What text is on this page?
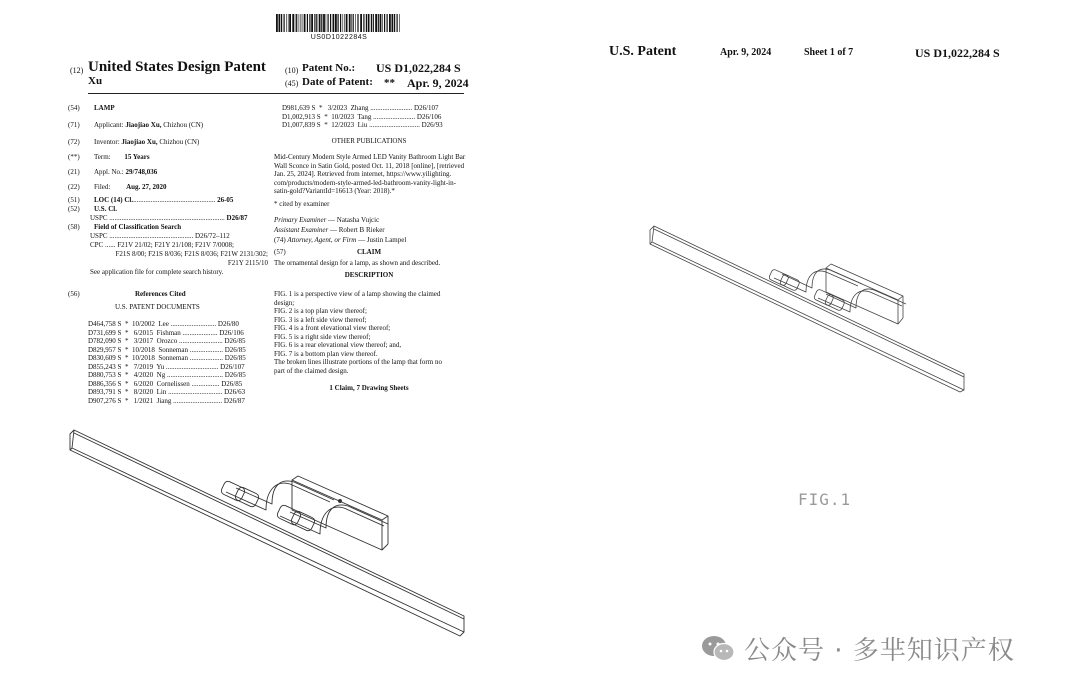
US0D1022284S
(12) United States Design Patent
Xu
(10) Patent No.: US D1,022,284 S
(45) Date of Patent: ** Apr. 9, 2024
(54) LAMP
(71) Applicant: Jiaojiao Xu, Chizhou (CN)
(72) Inventor: Jiaojiao Xu, Chizhou (CN)
(**) Term: 15 Years
(21) Appl. No.: 29/748,036
(22) Filed: Aug. 27, 2020
(51) LOC (14) Cl................................................ 26-05
(52) U.S. Cl.
USPC .................................................................. D26/87
(58) Field of Classification Search
USPC ................................................ D26/72–112
CPC ...... F21V 21/02; F21Y 21/108; F21V 7/0008;
F21S 8/00; F21S 8/036; F21S 8/036; F21W 2131/302;
F21Y 2115/10
See application file for complete search history.
(56)	References Cited
U.S. PATENT DOCUMENTS
D464,758 S  *  10/2002  Lee .......................... D26/80
D731,699 S  *   6/2015  Fishman .................... D26/106
D782,090 S  *   3/2017  Orozco ......................... D26/85
D829,957 S  *  10/2018  Sonneman ................... D26/85
D830,609 S  *  10/2018  Sonneman ................... D26/85
D855,243 S  *   7/2019  Yu .............................. D26/107
D880,753 S  *   4/2020  Ng ................................ D26/85
D886,356 S  *   6/2020  Cornelissen ................ D26/85
D893,791 S  *   8/2020  Lin ............................... D26/63
D907,276 S  *   1/2021  Jiang ............................ D26/87
D981,639 S  *   3/2023  Zhang ........................ D26/107
D1,002,913 S  *  10/2023  Tang ........................ D26/106
D1,007,839 S  *  12/2023  Liu ............................. D26/93
OTHER PUBLICATIONS
Mid-Century Modern Style Armed LED Vanity Bathroom Light Bar
Wall Sconce in Satin Gold, posted Oct. 11, 2018 [online], [retrieved
Jan. 25, 2024]. Retrieved from internet, https://www.yilighting.
com/products/modern-style-armed-led-bathroom-vanity-light-in-
satin-gold?VariantId=16613 (Year: 2018).*
* cited by examiner
Primary Examiner — Natasha Vujcic
Assistant Examiner — Robert B Rieker
(74) Attorney, Agent, or Firm — Justin Lampel
(57)	CLAIM
The ornamental design for a lamp, as shown and described.
DESCRIPTION
FIG. 1 is a perspective view of a lamp showing the claimed
design;
FIG. 2 is a top plan view thereof;
FIG. 3 is a left side view thereof;
FIG. 4 is a front elevational view thereof;
FIG. 5 is a right side view thereof;
FIG. 6 is a rear elevational view thereof; and,
FIG. 7 is a bottom plan view thereof.
The broken lines illustrate portions of the lamp that form no
part of the claimed design.
1 Claim, 7 Drawing Sheets
U.S. Patent	Apr. 9, 2024	Sheet 1 of 7	US D1,022,284 S
FIG.1
公众号 · 多芈知识产权
